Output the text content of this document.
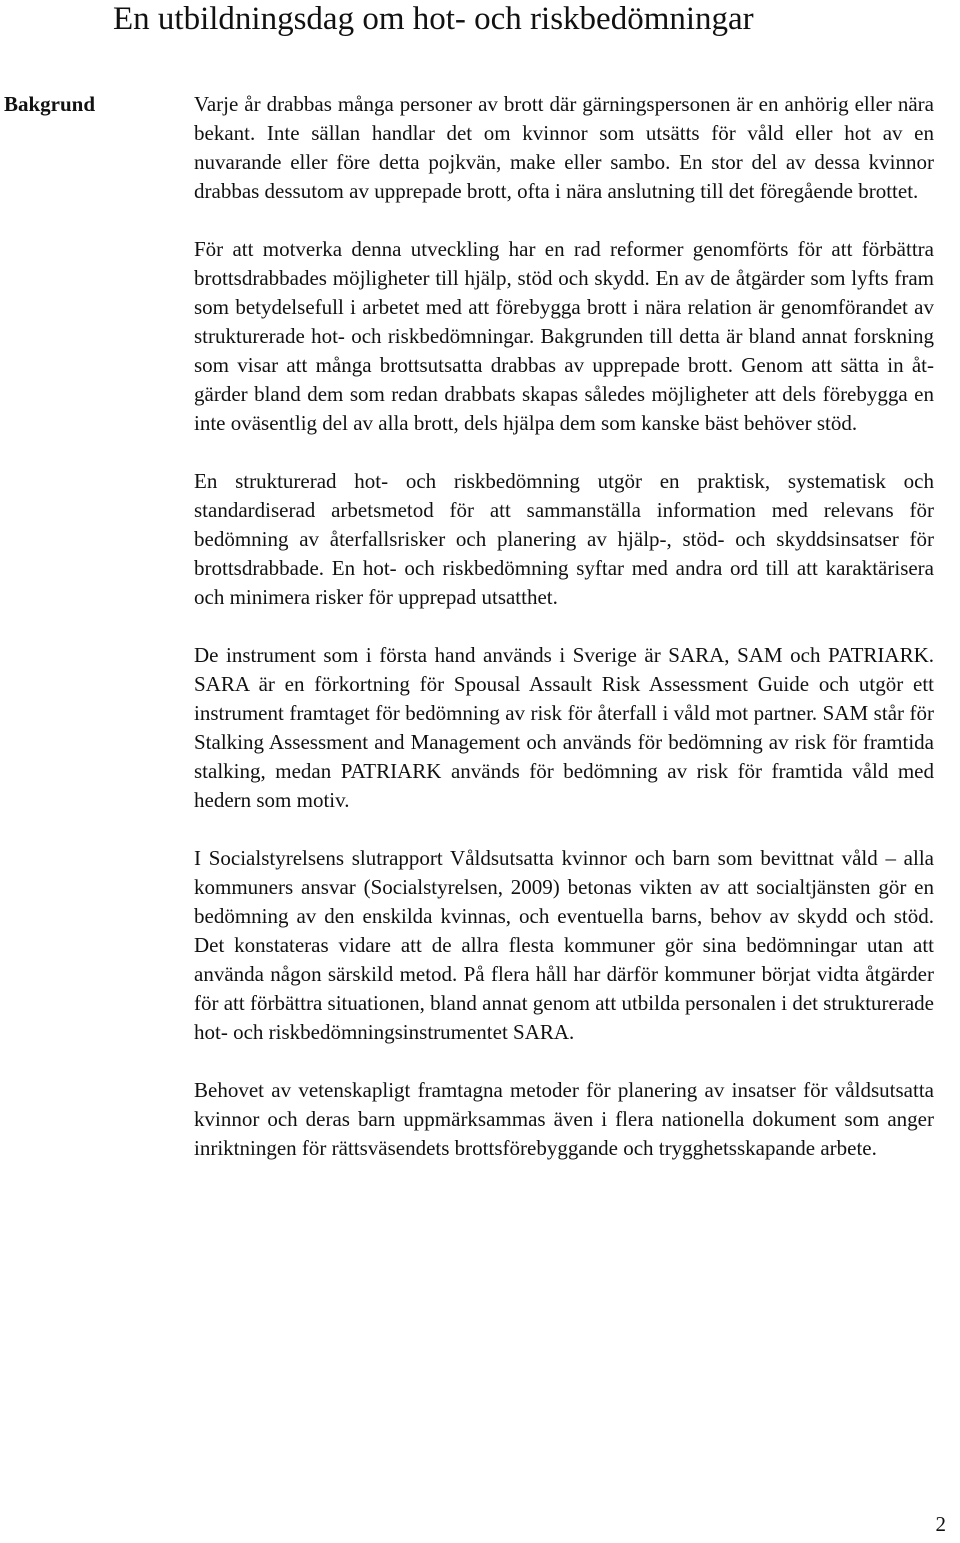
En utbildningsdag om hot- och riskbedömningar
Bakgrund	Varje år drabbas många personer av brott där gärningspersonen är en anhörig eller nära bekant. Inte sällan handlar det om kvinnor som utsätts för våld eller hot av en nuvarande eller före detta pojkvän, make eller sambo. En stor del av dessa kvinnor drabbas dessutom av upprepade brott, ofta i nära anslutning till det föregående brottet.

För att motverka denna utveckling har en rad reformer genomförts för att förbättra brottsdrabbades möjligheter till hjälp, stöd och skydd. En av de åtgärder som lyfts fram som betydelsefull i arbetet med att förebygga brott i nära relation är genomförandet av strukturerade hot- och riskbedömningar. Bakgrunden till detta är bland annat forskning som visar att många brottsutsatta drabbas av upprepade brott. Genom att sätta in åtgärder bland dem som redan drabbats skapas således möjligheter att dels förebygga en inte oväsentlig del av alla brott, dels hjälpa dem som kanske bäst behöver stöd.

En strukturerad hot- och riskbedömning utgör en praktisk, systematisk och standardiserad arbetsmetod för att sammanställa information med relevans för bedömning av återfallsrisker och planering av hjälp-, stöd- och skyddsinsatser för brottsdrabbade. En hot- och riskbedömning syftar med andra ord till att karaktärisera och minimera risker för upprepad utsatthet.

De instrument som i första hand används i Sverige är SARA, SAM och PATRIARK. SARA är en förkortning för Spousal Assault Risk Assessment Guide och utgör ett instrument framtaget för bedömning av risk för återfall i våld mot partner. SAM står för Stalking Assessment and Management och används för bedömning av risk för framtida stalking, medan PATRIARK används för bedömning av risk för framtida våld med hedern som motiv.

I Socialstyrelsens slutrapport Våldsutsatta kvinnor och barn som bevittnat våld – alla kommuners ansvar (Socialstyrelsen, 2009) betonas vikten av att socialtjänsten gör en bedömning av den enskilda kvinnas, och eventuella barns, behov av skydd och stöd. Det konstateras vidare att de allra flesta kommuner gör sina bedömningar utan att använda någon särskild metod. På flera håll har därför kommuner börjat vidta åtgärder för att förbättra situationen, bland annat genom att utbilda personalen i det strukturerade hot- och riskbedömningsinstrumentet SARA.

Behovet av vetenskapligt framtagna metoder för planering av insatser för våldsutsatta kvinnor och deras barn uppmärksammas även i flera nationella dokument som anger inriktningen för rättsväsendets brottsförebyggande och trygghetsskapande arbete.

2
